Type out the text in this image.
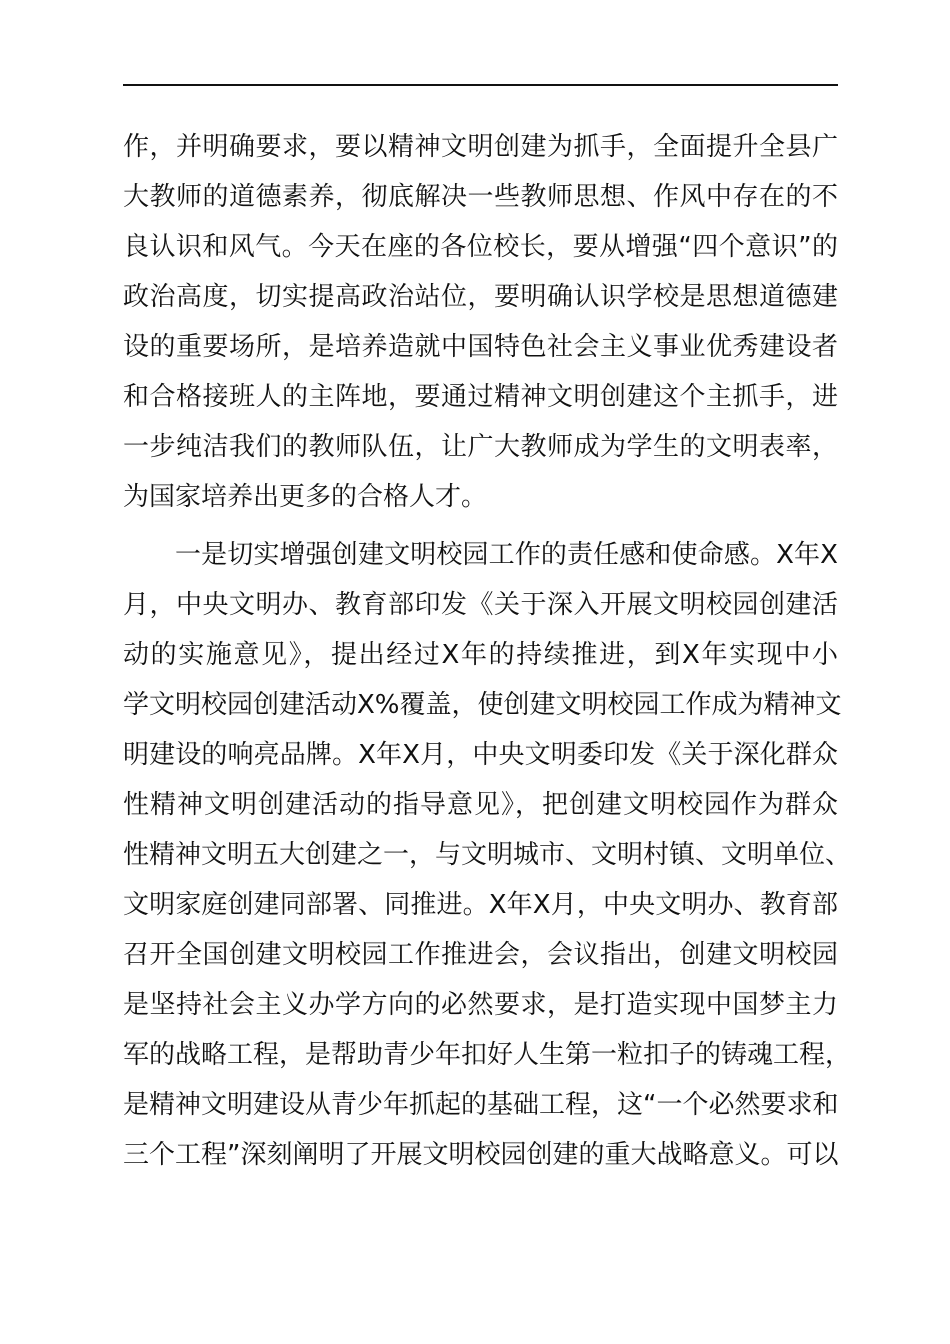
作，并明确要求，要以精神文明创建为抓手，全面提升全县广
大教师的道德素养，彻底解决一些教师思想、作风中存在的不
良认识和风气。今天在座的各位校长，要从增强“四个意识”的
政治高度，切实提高政治站位，要明确认识学校是思想道德建
设的重要场所，是培养造就中国特色社会主义事业优秀建设者
和合格接班人的主阵地，要通过精神文明创建这个主抓手，进
一步纯洁我们的教师队伍，让广大教师成为学生的文明表率，
为国家培养出更多的合格人才。
一是切实增强创建文明校园工作的责任感和使命感。X年X
月，中央文明办、教育部印发《关于深入开展文明校园创建活
动的实施意见》，提出经过X年的持续推进，到X年实现中小
学文明校园创建活动X%覆盖，使创建文明校园工作成为精神文
明建设的响亮品牌。X年X月，中央文明委印发《关于深化群众
性精神文明创建活动的指导意见》，把创建文明校园作为群众
性精神文明五大创建之一，与文明城市、文明村镇、文明单位、
文明家庭创建同部署、同推进。X年X月，中央文明办、教育部
召开全国创建文明校园工作推进会，会议指出，创建文明校园
是坚持社会主义办学方向的必然要求，是打造实现中国梦主力
军的战略工程，是帮助青少年扣好人生第一粒扣子的铸魂工程，
是精神文明建设从青少年抓起的基础工程，这“一个必然要求和
三个工程”深刻阐明了开展文明校园创建的重大战略意义。可以
